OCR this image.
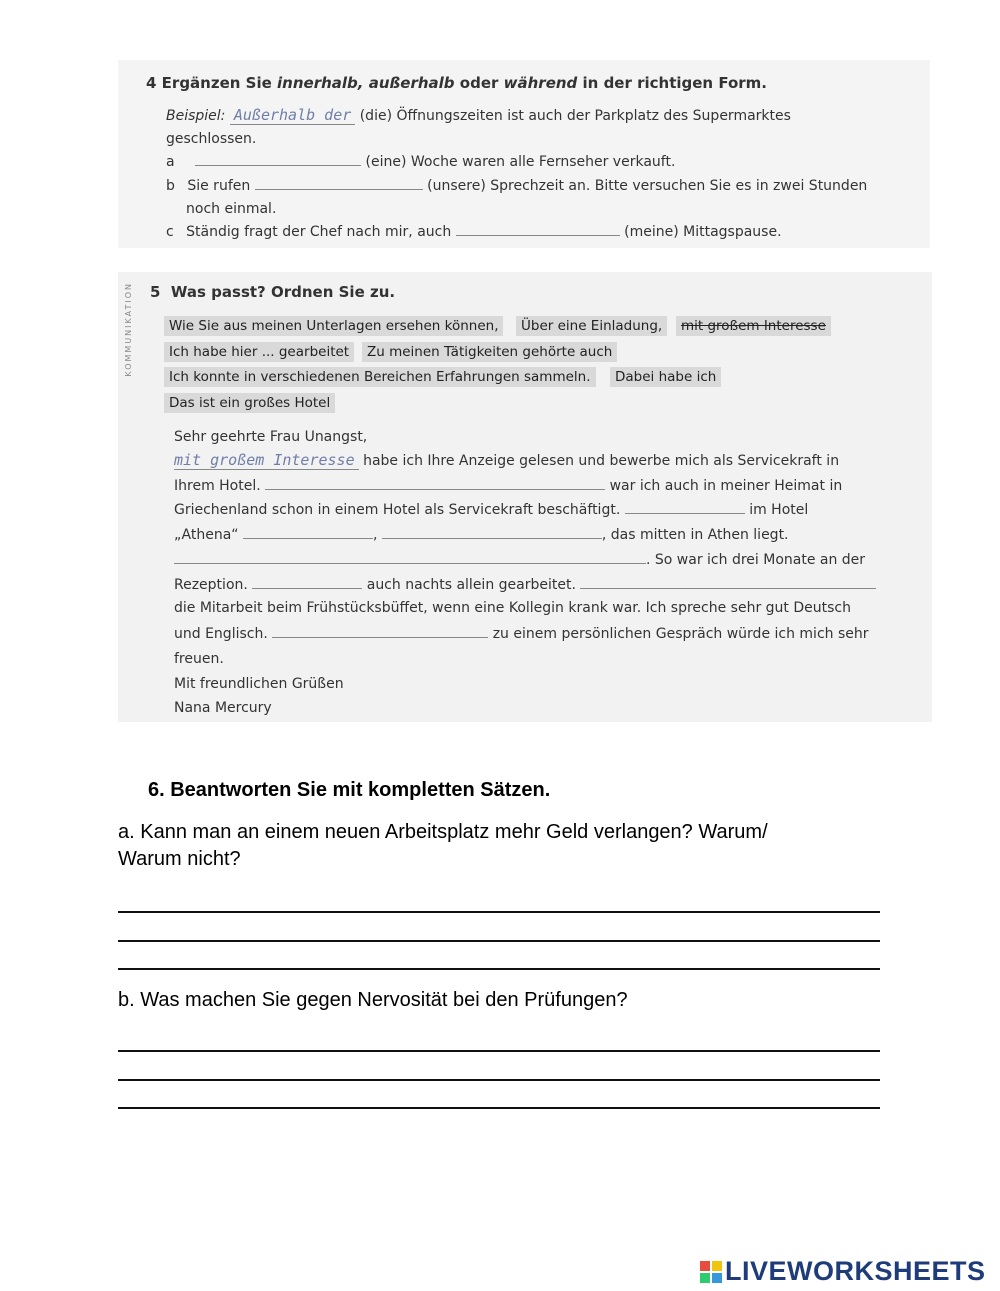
4 Ergänzen Sie innerhalb, außerhalb oder während in der richtigen Form.
Beispiel: Außerhalb der (die) Öffnungszeiten ist auch der Parkplatz des Supermarktes
geschlossen.
a	(eine) Woche waren alle Fernseher verkauft.
b Sie rufen	(unsere) Sprechzeit an. Bitte versuchen Sie es in zwei Stunden
noch einmal.
c Ständig fragt der Chef nach mir, auch	(meine) Mittagspause.
KOMMUNIKATION 5 Was passt? Ordnen Sie zu.
Wie Sie aus meinen Unterlagen ersehen können,	Über eine Einladung,	mit großem Interesse
Ich habe hier ... gearbeitet	Zu meinen Tätigkeiten gehörte auch
Ich konnte in verschiedenen Bereichen Erfahrungen sammeln.	Dabei habe ich
Das ist ein großes Hotel
Sehr geehrte Frau Unangst,
mit großem Interesse habe ich Ihre Anzeige gelesen und bewerbe mich als Servicekraft in
Ihrem Hotel.	war ich auch in meiner Heimat in
Griechenland schon in einem Hotel als Servicekraft beschäftigt.	im Hotel
„Athena“	,	, das mitten in Athen liegt.
. So war ich drei Monate an der
Rezeption.	auch nachts allein gearbeitet.
die Mitarbeit beim Frühstücksbüffet, wenn eine Kollegin krank war. Ich spreche sehr gut Deutsch
und Englisch.	zu einem persönlichen Gespräch würde ich mich sehr
freuen.
Mit freundlichen Grüßen
Nana Mercury
6. Beantworten Sie mit kompletten Sätzen.
a. Kann man an einem neuen Arbeitsplatz mehr Geld verlangen? Warum/
Warum nicht?
b. Was machen Sie gegen Nervosität bei den Prüfungen?
LIVEWORKSHEETS
